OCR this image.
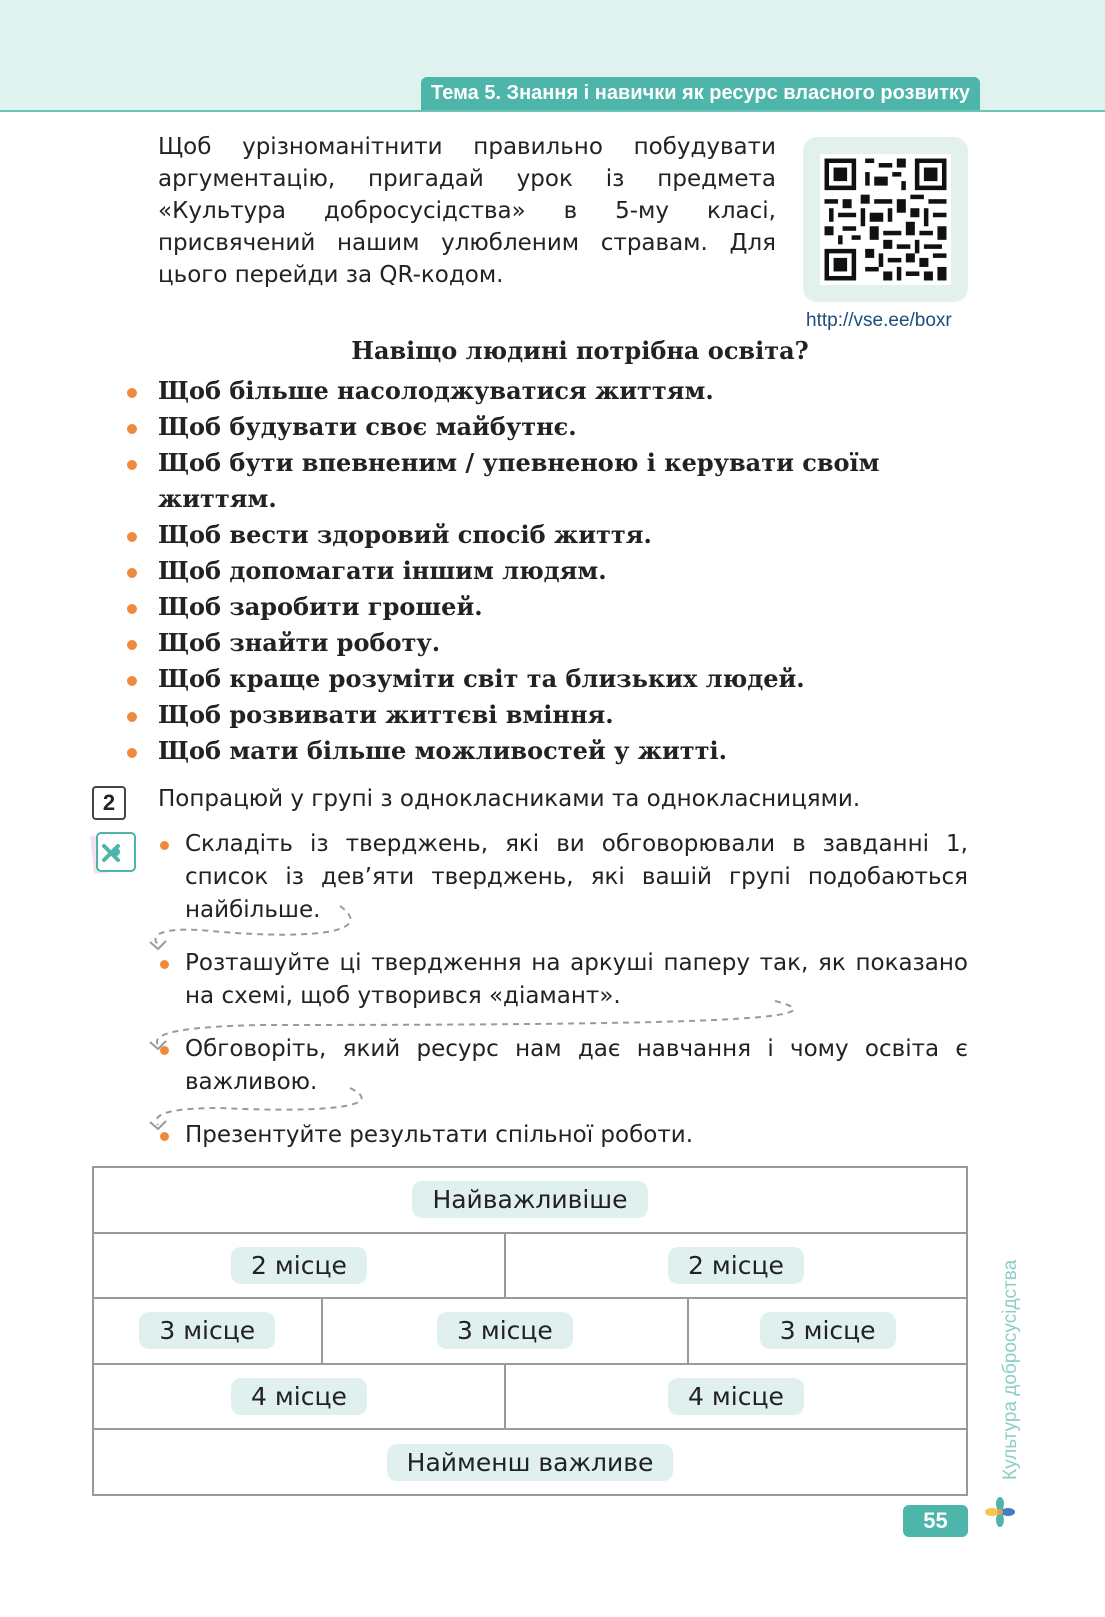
Тема 5. Знання і навички як ресурс власного розвитку
Щоб урізноманітнити правильно побудувати аргументацію, пригадай урок із предмета «Культура добросусідства» в 5-му класі, присвячений нашим улюбленим стравам. Для цього перейди за QR-кодом.
http://vse.ee/boxr
Навіщо людині потрібна освіта?
Щоб більше насолоджуватися життям.
Щоб будувати своє майбутнє.
Щоб бути впевненим / упевненою і керувати своїм життям.
Щоб вести здоровий спосіб життя.
Щоб допомагати іншим людям.
Щоб заробити грошей.
Щоб знайти роботу.
Щоб краще розуміти світ та близьких людей.
Щоб розвивати життєві вміння.
Щоб мати більше можливостей у житті.
2	Попрацюй у групі з однокласниками та однокласницями.
Складіть із тверджень, які ви обговорювали в завданні 1, список із дев’яти тверджень, які вашій групі подобаються найбільше.
Розташуйте ці твердження на аркуші паперу так, як показано на схемі, щоб утворився «діамант».
Обговоріть, який ресурс нам дає навчання і чому освіта є важливою.
Презентуйте результати спільної роботи.
Найважливіше			
2 місце		2 місце	
3 місце	3 місце		3 місце
4 місце		4 місце	
Найменш важливе				Культура добросусідства
55
